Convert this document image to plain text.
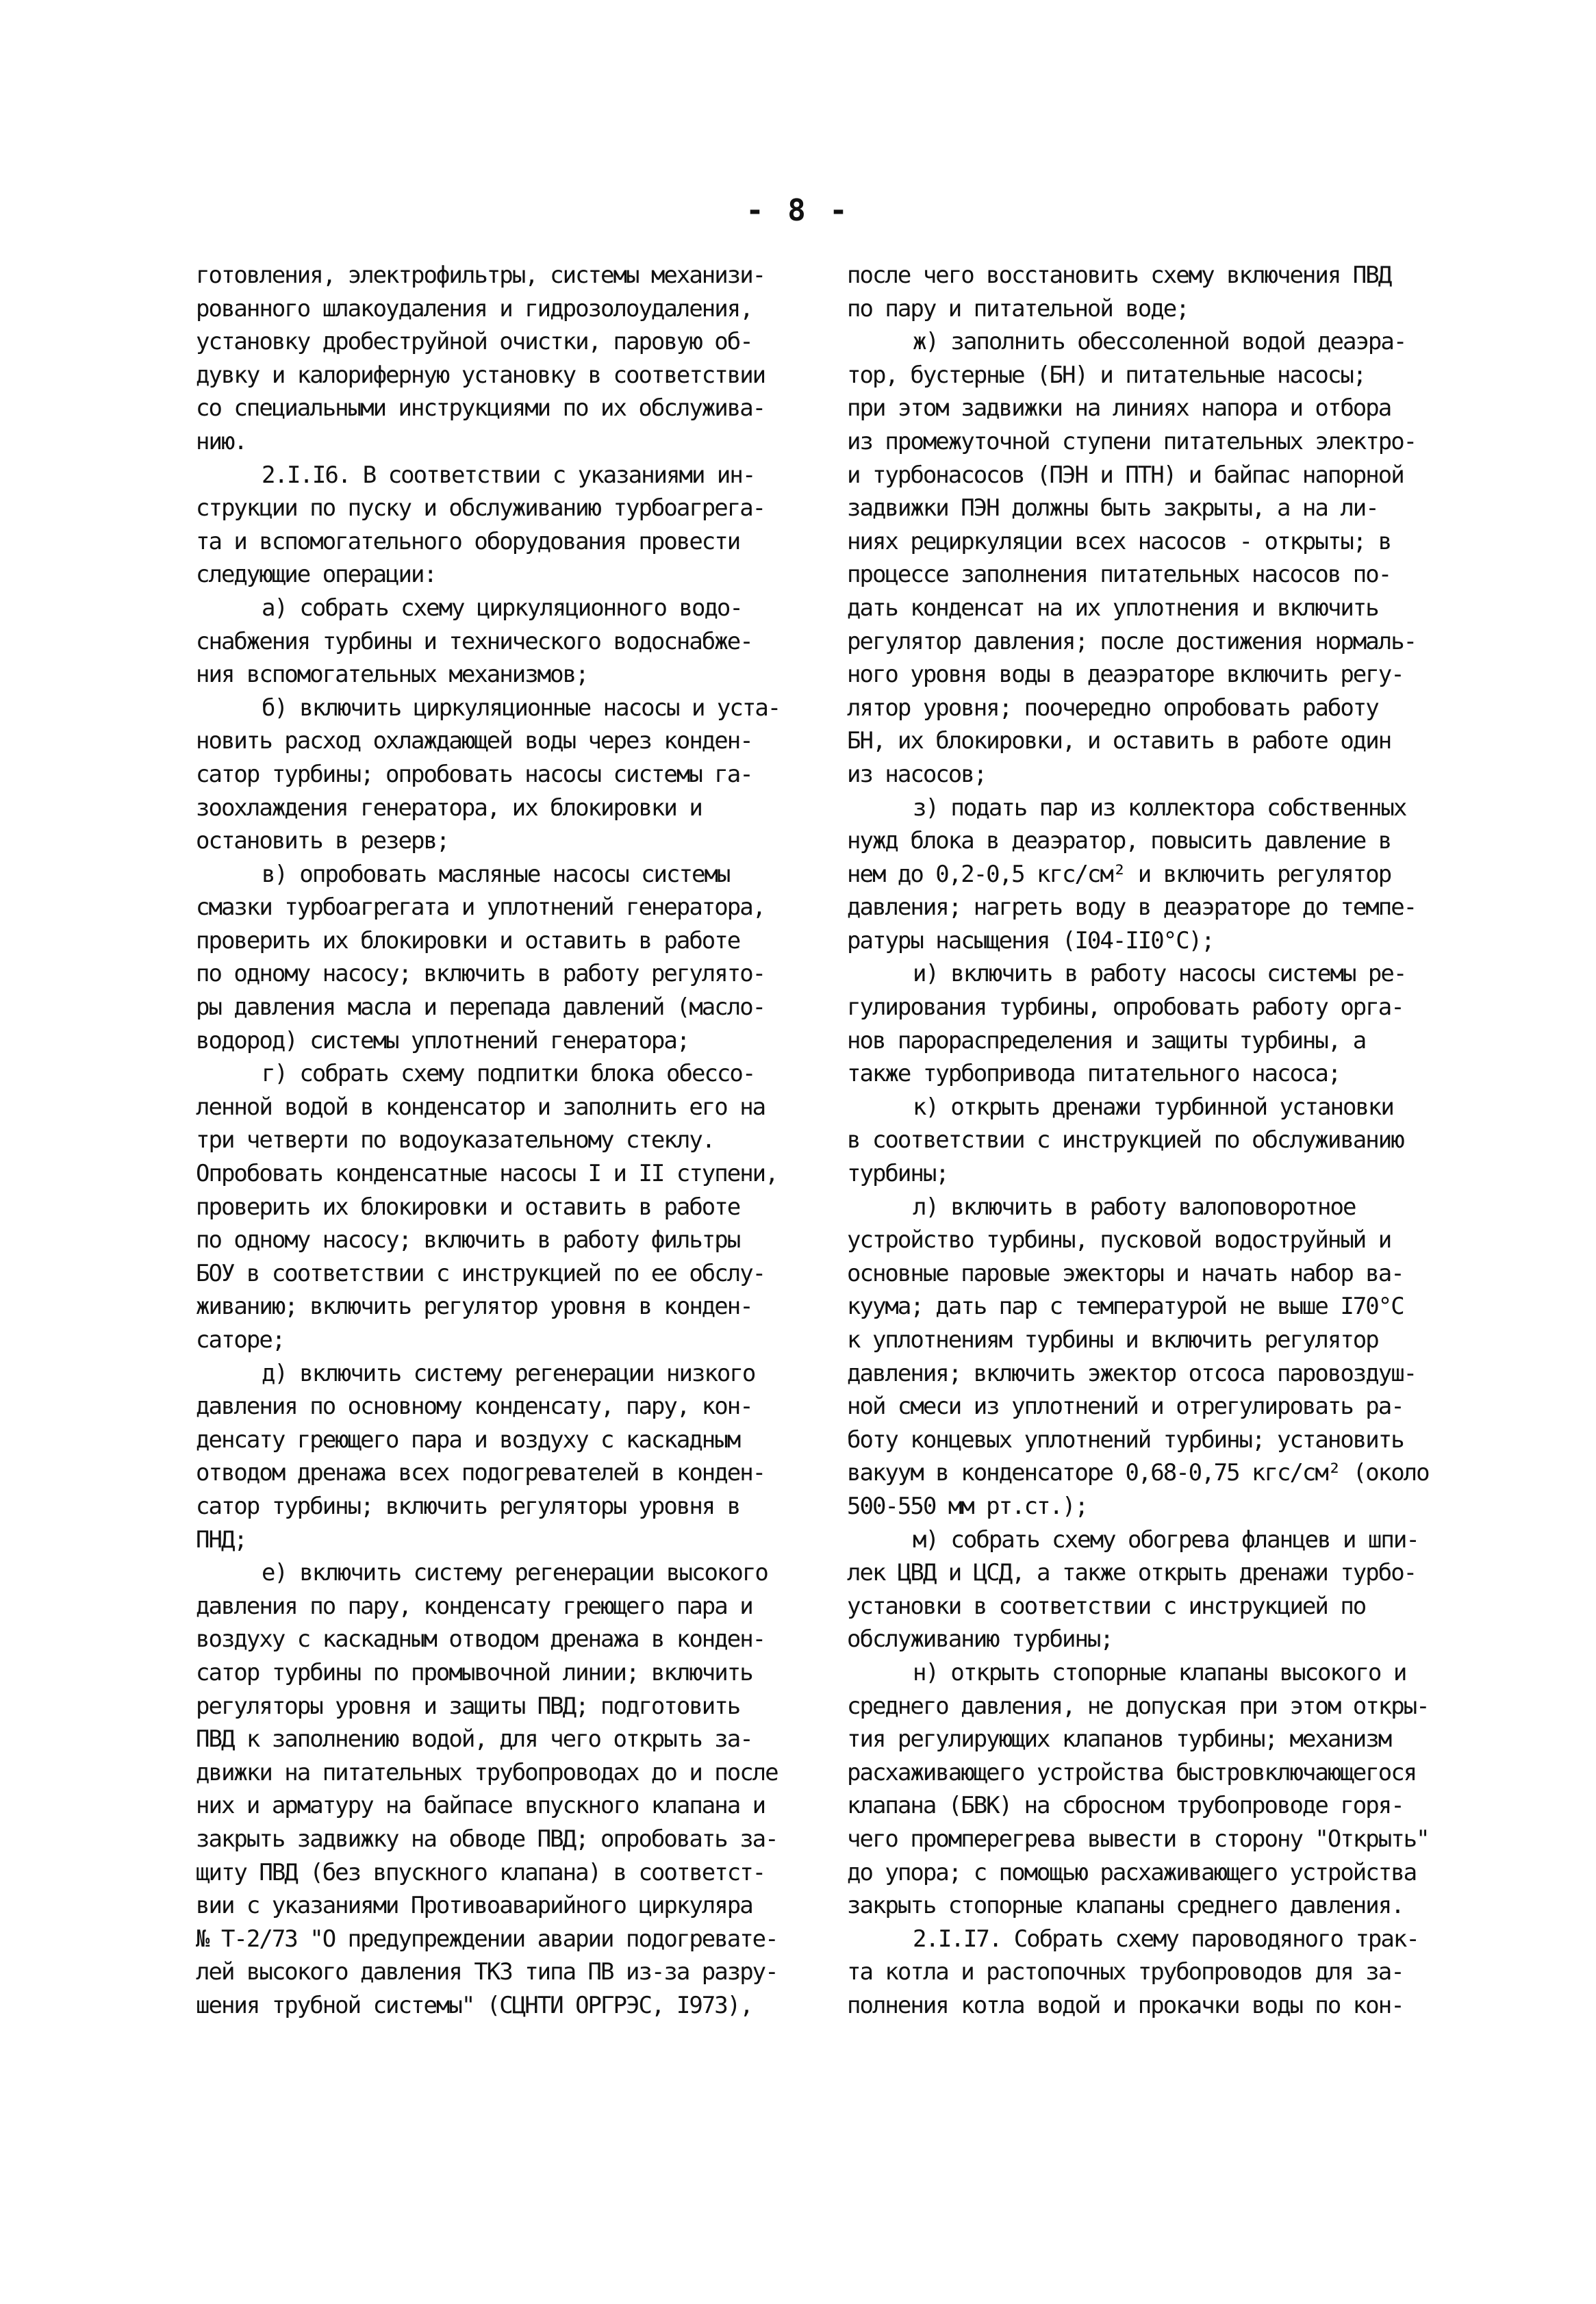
- 8 -
готовления, электрофильтры, системы механизи-
рованного шлакоудаления и гидрозолоудаления,
установку дробеструйной очистки, паровую об-
дувку и калориферную установку в соответствии
со специальными инструкциями по их обслужива-
нию.
2.I.I6. В соответствии с указаниями ин-
струкции по пуску и обслуживанию турбоагрега-
та и вспомогательного оборудования провести
следующие операции:
а) собрать схему циркуляционного водо-
снабжения турбины и технического водоснабже-
ния вспомогательных механизмов;
б) включить циркуляционные насосы и уста-
новить расход охлаждающей воды через конден-
сатор турбины; опробовать насосы системы га-
зоохлаждения генератора, их блокировки и
остановить в резерв;
в) опробовать масляные насосы системы
смазки турбоагрегата и уплотнений генератора,
проверить их блокировки и оставить в работе
по одному насосу; включить в работу регулято-
ры давления масла и перепада давлений (масло-
водород) системы уплотнений генератора;
г) собрать схему подпитки блока обессо-
ленной водой в конденсатор и заполнить его на
три четверти по водоуказательному стеклу.
Опробовать конденсатные насосы I и II ступени,
проверить их блокировки и оставить в работе
по одному насосу; включить в работу фильтры
БОУ в соответствии с инструкцией по ее обслу-
живанию; включить регулятор уровня в конден-
саторе;
д) включить систему регенерации низкого
давления по основному конденсату, пару, кон-
денсату греющего пара и воздуху с каскадным
отводом дренажа всех подогревателей в конден-
сатор турбины; включить регуляторы уровня в
ПНД;
е) включить систему регенерации высокого
давления по пару, конденсату греющего пара и
воздуху с каскадным отводом дренажа в конден-
сатор турбины по промывочной линии; включить
регуляторы уровня и защиты ПВД; подготовить
ПВД к заполнению водой, для чего открыть за-
движки на питательных трубопроводах до и после
них и арматуру на байпасе впускного клапана и
закрыть задвижку на обводе ПВД; опробовать за-
щиту ПВД (без впускного клапана) в соответст-
вии с указаниями Противоаварийного циркуляра
№ Т-2/73 "О предупреждении аварии подогревате-
лей высокого давления ТКЗ типа ПВ из-за разру-
шения трубной системы" (СЦНТИ ОРГРЭС, I973),
после чего восстановить схему включения ПВД
по пару и питательной воде;
ж) заполнить обессоленной водой деаэра-
тор, бустерные (БН) и питательные насосы;
при этом задвижки на линиях напора и отбора
из промежуточной ступени питательных электро-
и турбонасосов (ПЭН и ПТН) и байпас напорной
задвижки ПЭН должны быть закрыты, а на ли-
ниях рециркуляции всех насосов - открыты; в
процессе заполнения питательных насосов по-
дать конденсат на их уплотнения и включить
регулятор давления; после достижения нормаль-
ного уровня воды в деаэраторе включить регу-
лятор уровня; поочередно опробовать работу
БН, их блокировки, и оставить в работе один
из насосов;
з) подать пар из коллектора собственных
нужд блока в деаэратор, повысить давление в
нем до 0,2-0,5 кгс/см² и включить регулятор
давления; нагреть воду в деаэраторе до темпе-
ратуры насыщения (I04-II0°C);
и) включить в работу насосы системы ре-
гулирования турбины, опробовать работу орга-
нов парораспределения и защиты турбины, а
также турбопривода питательного насоса;
к) открыть дренажи турбинной установки
в соответствии с инструкцией по обслуживанию
турбины;
л) включить в работу валоповоротное
устройство турбины, пусковой водоструйный и
основные паровые эжекторы и начать набор ва-
куума; дать пар с температурой не выше I70°C
к уплотнениям турбины и включить регулятор
давления; включить эжектор отсоса паровоздуш-
ной смеси из уплотнений и отрегулировать ра-
боту концевых уплотнений турбины; установить
вакуум в конденсаторе 0,68-0,75 кгс/см² (около
500-550 мм рт.ст.);
м) собрать схему обогрева фланцев и шпи-
лек ЦВД и ЦСД, а также открыть дренажи турбо-
установки в соответствии с инструкцией по
обслуживанию турбины;
н) открыть стопорные клапаны высокого и
среднего давления, не допуская при этом откры-
тия регулирующих клапанов турбины; механизм
расхаживающего устройства быстровключающегося
клапана (БВК) на сбросном трубопроводе горя-
чего промперегрева вывести в сторону "Открыть"
до упора; с помощью расхаживающего устройства
закрыть стопорные клапаны среднего давления.
2.I.I7. Собрать схему пароводяного трак-
та котла и растопочных трубопроводов для за-
полнения котла водой и прокачки воды по кон-
